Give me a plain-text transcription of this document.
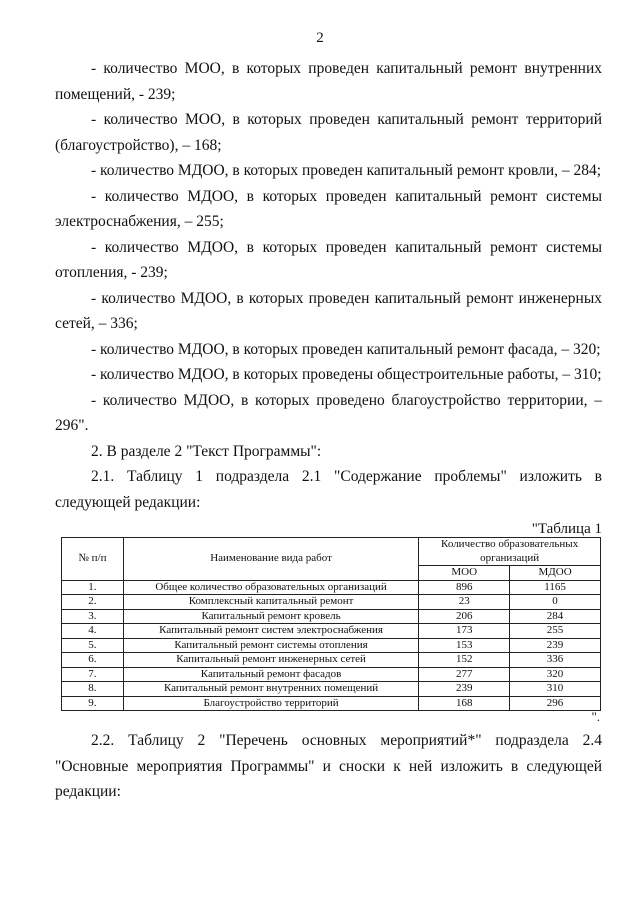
2

- количество МОО, в которых проведен капитальный ремонт внутренних помещений, - 239;

- количество МОО, в которых проведен капитальный ремонт территорий (благоустройство), – 168;

- количество МДОО, в которых проведен капитальный ремонт кровли, – 284;

- количество МДОО, в которых проведен капитальный ремонт системы электроснабжения, – 255;

- количество МДОО, в которых проведен капитальный ремонт системы отопления, - 239;

- количество МДОО, в которых проведен капитальный ремонт инженерных сетей, – 336;

- количество МДОО, в которых проведен капитальный ремонт фасада, – 320;

- количество МДОО, в которых проведены общестроительные работы, – 310;

- количество МДОО, в которых проведено благоустройство территории, – 296".

2. В разделе 2 "Текст Программы":

2.1. Таблицу 1 подраздела 2.1 "Содержание проблемы" изложить в следующей редакции:

"Таблица 1
№ п/п	Наименование вида работ	Количество образовательных организаций	
		МОО	МДОО
1.	Общее количество образовательных организаций	896	1165
2.	Комплексный капитальный ремонт	23	0
3.	Капитальный ремонт кровель	206	284
4.	Капитальный ремонт систем электроснабжения	173	255
5.	Капитальный ремонт системы отопления	153	239
6.	Капитальный ремонт инженерных сетей	152	336
7.	Капитальный ремонт фасадов	277	320
8.	Капитальный ремонт внутренних помещений	239	310
9.	Благоустройство территорий	168	296
".

2.2. Таблицу 2 "Перечень основных мероприятий*" подраздела 2.4 "Основные мероприятия Программы" и сноски к ней изложить в следующей редакции:
